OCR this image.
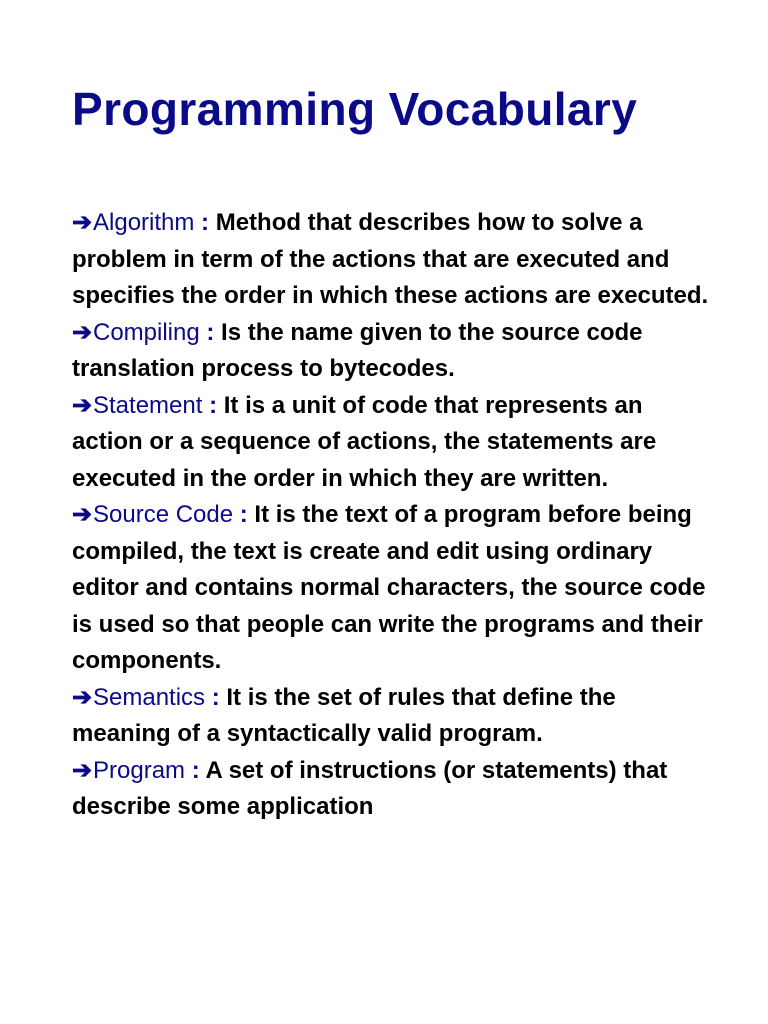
Programming Vocabulary

➔Algorithm : Method that describes how to solve a problem in term of the actions that are executed and specifies the order in which these actions are executed.

➔Compiling : Is the name given to the source code translation process to bytecodes.

➔Statement : It is a unit of code that represents an action or a sequence of actions, the statements are executed in the order in which they are written.

➔Source Code : It is the text of a program before being compiled, the text is create and edit using ordinary editor and contains normal characters, the source code is used so that people can write the programs and their components.

➔Semantics : It is the set of rules that define the meaning of a syntactically valid program.

➔Program : A set of instructions (or statements) that describe some application
